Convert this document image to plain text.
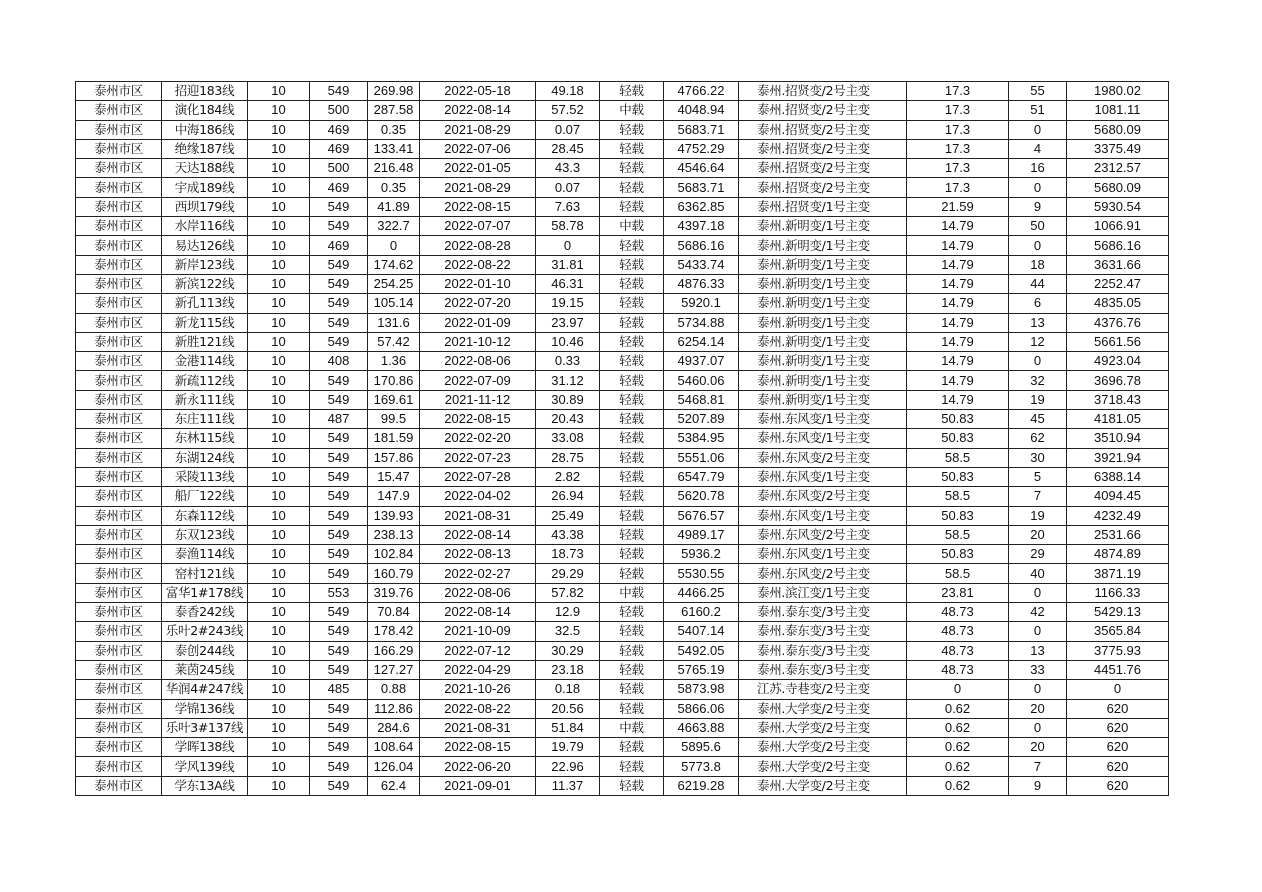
泰州市区	招迎183线	10	549	269.98	2022-05-18	49.18	轻载	4766.22	泰州.招贤变/2号主变	17.3	55	1980.02
泰州市区	演化184线	10	500	287.58	2022-08-14	57.52	中载	4048.94	泰州.招贤变/2号主变	17.3	51	1081.11
泰州市区	中海186线	10	469	0.35	2021-08-29	0.07	轻载	5683.71	泰州.招贤变/2号主变	17.3	0	5680.09
泰州市区	绝缘187线	10	469	133.41	2022-07-06	28.45	轻载	4752.29	泰州.招贤变/2号主变	17.3	4	3375.49
泰州市区	天达188线	10	500	216.48	2022-01-05	43.3	轻载	4546.64	泰州.招贤变/2号主变	17.3	16	2312.57
泰州市区	宇成189线	10	469	0.35	2021-08-29	0.07	轻载	5683.71	泰州.招贤变/2号主变	17.3	0	5680.09
泰州市区	西坝179线	10	549	41.89	2022-08-15	7.63	轻载	6362.85	泰州.招贤变/1号主变	21.59	9	5930.54
泰州市区	水岸116线	10	549	322.7	2022-07-07	58.78	中载	4397.18	泰州.新明变/1号主变	14.79	50	1066.91
泰州市区	易达126线	10	469	0	2022-08-28	0	轻载	5686.16	泰州.新明变/1号主变	14.79	0	5686.16
泰州市区	新岸123线	10	549	174.62	2022-08-22	31.81	轻载	5433.74	泰州.新明变/1号主变	14.79	18	3631.66
泰州市区	新滨122线	10	549	254.25	2022-01-10	46.31	轻载	4876.33	泰州.新明变/1号主变	14.79	44	2252.47
泰州市区	新孔113线	10	549	105.14	2022-07-20	19.15	轻载	5920.1	泰州.新明变/1号主变	14.79	6	4835.05
泰州市区	新龙115线	10	549	131.6	2022-01-09	23.97	轻载	5734.88	泰州.新明变/1号主变	14.79	13	4376.76
泰州市区	新胜121线	10	549	57.42	2021-10-12	10.46	轻载	6254.14	泰州.新明变/1号主变	14.79	12	5661.56
泰州市区	金港114线	10	408	1.36	2022-08-06	0.33	轻载	4937.07	泰州.新明变/1号主变	14.79	0	4923.04
泰州市区	新疏112线	10	549	170.86	2022-07-09	31.12	轻载	5460.06	泰州.新明变/1号主变	14.79	32	3696.78
泰州市区	新永111线	10	549	169.61	2021-11-12	30.89	轻载	5468.81	泰州.新明变/1号主变	14.79	19	3718.43
泰州市区	东庄111线	10	487	99.5	2022-08-15	20.43	轻载	5207.89	泰州.东风变/1号主变	50.83	45	4181.05
泰州市区	东林115线	10	549	181.59	2022-02-20	33.08	轻载	5384.95	泰州.东风变/1号主变	50.83	62	3510.94
泰州市区	东湖124线	10	549	157.86	2022-07-23	28.75	轻载	5551.06	泰州.东风变/2号主变	58.5	30	3921.94
泰州市区	采陵113线	10	549	15.47	2022-07-28	2.82	轻载	6547.79	泰州.东风变/1号主变	50.83	5	6388.14
泰州市区	船厂122线	10	549	147.9	2022-04-02	26.94	轻载	5620.78	泰州.东风变/2号主变	58.5	7	4094.45
泰州市区	东森112线	10	549	139.93	2021-08-31	25.49	轻载	5676.57	泰州.东风变/1号主变	50.83	19	4232.49
泰州市区	东双123线	10	549	238.13	2022-08-14	43.38	轻载	4989.17	泰州.东风变/2号主变	58.5	20	2531.66
泰州市区	泰渔114线	10	549	102.84	2022-08-13	18.73	轻载	5936.2	泰州.东风变/1号主变	50.83	29	4874.89
泰州市区	窑村121线	10	549	160.79	2022-02-27	29.29	轻载	5530.55	泰州.东风变/2号主变	58.5	40	3871.19
泰州市区	富华1#178线	10	553	319.76	2022-08-06	57.82	中载	4466.25	泰州.滨江变/1号主变	23.81	0	1166.33
泰州市区	泰香242线	10	549	70.84	2022-08-14	12.9	轻载	6160.2	泰州.泰东变/3号主变	48.73	42	5429.13
泰州市区	乐叶2#243线	10	549	178.42	2021-10-09	32.5	轻载	5407.14	泰州.泰东变/3号主变	48.73	0	3565.84
泰州市区	泰创244线	10	549	166.29	2022-07-12	30.29	轻载	5492.05	泰州.泰东变/3号主变	48.73	13	3775.93
泰州市区	莱茵245线	10	549	127.27	2022-04-29	23.18	轻载	5765.19	泰州.泰东变/3号主变	48.73	33	4451.76
泰州市区	华润4#247线	10	485	0.88	2021-10-26	0.18	轻载	5873.98	江苏.寺巷变/2号主变	0	0	0
泰州市区	学锦136线	10	549	112.86	2022-08-22	20.56	轻载	5866.06	泰州.大学变/2号主变	0.62	20	620
泰州市区	乐叶3#137线	10	549	284.6	2021-08-31	51.84	中载	4663.88	泰州.大学变/2号主变	0.62	0	620
泰州市区	学晖138线	10	549	108.64	2022-08-15	19.79	轻载	5895.6	泰州.大学变/2号主变	0.62	20	620
泰州市区	学风139线	10	549	126.04	2022-06-20	22.96	轻载	5773.8	泰州.大学变/2号主变	0.62	7	620
泰州市区	学东13A线	10	549	62.4	2021-09-01	11.37	轻载	6219.28	泰州.大学变/2号主变	0.62	9	620
